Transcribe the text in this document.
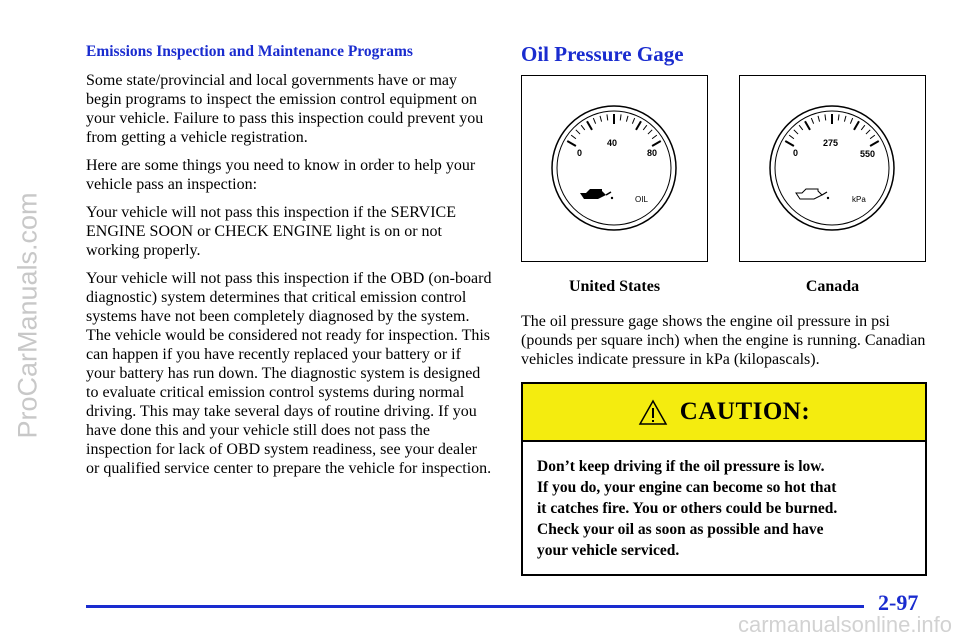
ProCarManuals.com
carmanualsonline.info
Emissions Inspection and Maintenance Programs

Some state/provincial and local governments have or may begin programs to inspect the emission control equipment on your vehicle. Failure to pass this inspection could prevent you from getting a vehicle registration.

Here are some things you need to know in order to help your vehicle pass an inspection:

Your vehicle will not pass this inspection if the SERVICE ENGINE SOON or CHECK ENGINE light is on or not working properly.

Your vehicle will not pass this inspection if the OBD (on-board diagnostic) system determines that critical emission control systems have not been completely diagnosed by the system. The vehicle would be considered not ready for inspection. This can happen if you have recently replaced your battery or if your battery has run down. The diagnostic system is designed to evaluate critical emission control systems during normal driving. This may take several days of routine driving. If you have done this and your vehicle still does not pass the inspection for lack of OBD system readiness, see your dealer or qualified service center to prepare the vehicle for inspection.

Oil Pressure Gage
0
40
80
OIL
0
275
550
kPa
United States	Canada
The oil pressure gage shows the engine oil pressure in psi (pounds per square inch) when the engine is running. Canadian vehicles indicate pressure in kPa (kilopascals).
CAUTION:
Don’t keep driving if the oil pressure is low.
If you do, your engine can become so hot that
it catches fire. You or others could be burned.
Check your oil as soon as possible and have
your vehicle serviced.
2-97
